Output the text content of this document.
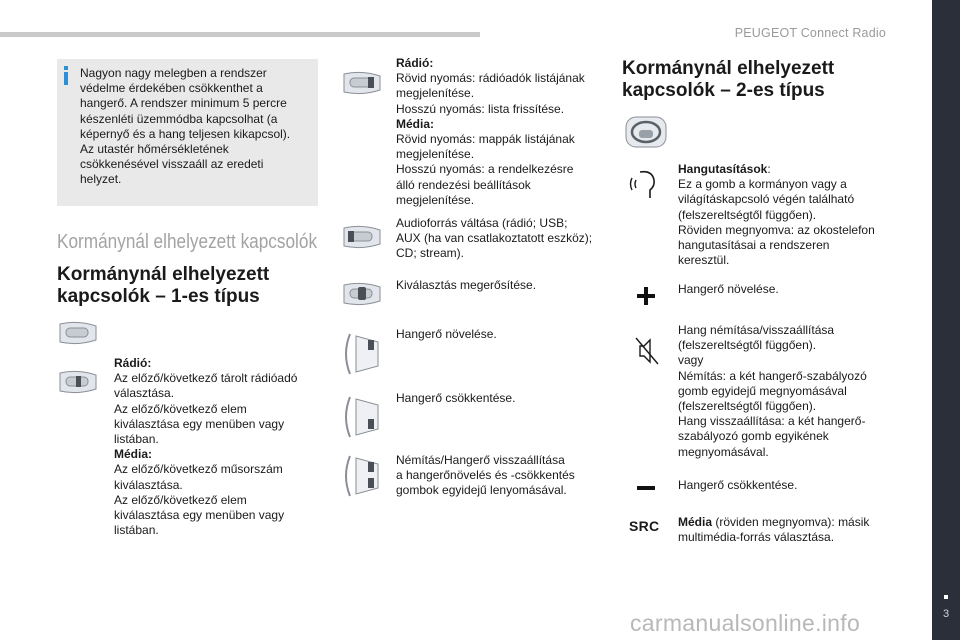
PEUGEOT Connect Radio
3
Nagyon nagy melegben a rendszer
védelme érdekében csökkenthet a
hangerő. A rendszer minimum 5 percre
készenléti üzemmódba kapcsolhat (a
képernyő és a hang teljesen kikapcsol).
Az utastér hőmérsékletének
csökkenésével visszaáll az eredeti
helyzet.
Kormánynál elhelyezett kapcsolók
Kormánynál elhelyezett
kapcsolók – 1-es típus
Rádió:
Az előző/következő tárolt rádióadó
választása.
Az előző/következő elem
kiválasztása egy menüben vagy
listában.
Média:
Az előző/következő műsorszám
kiválasztása.
Az előző/következő elem
kiválasztása egy menüben vagy
listában.
Rádió:
Rövid nyomás: rádióadók listájának
megjelenítése.
Hosszú nyomás: lista frissítése.
Média:
Rövid nyomás: mappák listájának
megjelenítése.
Hosszú nyomás: a rendelkezésre
álló rendezési beállítások
megjelenítése.
Audioforrás váltása (rádió; USB;
AUX (ha van csatlakoztatott eszköz);
CD; stream).
Kiválasztás megerősítése.
Hangerő növelése.
Hangerő csökkentése.
Némítás/Hangerő visszaállítása
a hangerőnövelés és -csökkentés
gombok egyidejű lenyomásával.
Kormánynál elhelyezett
kapcsolók – 2-es típus
Hangutasítások:
Ez a gomb a kormányon vagy a
világításkapcsoló végén található
(felszereltségtől függően).
Röviden megnyomva: az okostelefon
hangutasításai a rendszeren
keresztül.
Hangerő növelése.
Hang némítása/visszaállítása
(felszereltségtől függően).
vagy
Némítás: a két hangerő-szabályozó
gomb egyidejű megnyomásával
(felszereltségtől függően).
Hang visszaállítása: a két hangerő-
szabályozó gomb egyikének
megnyomásával.
Hangerő csökkentése.
SRC Média (röviden megnyomva): másik
multimédia-forrás választása.
carmanualsonline.info
